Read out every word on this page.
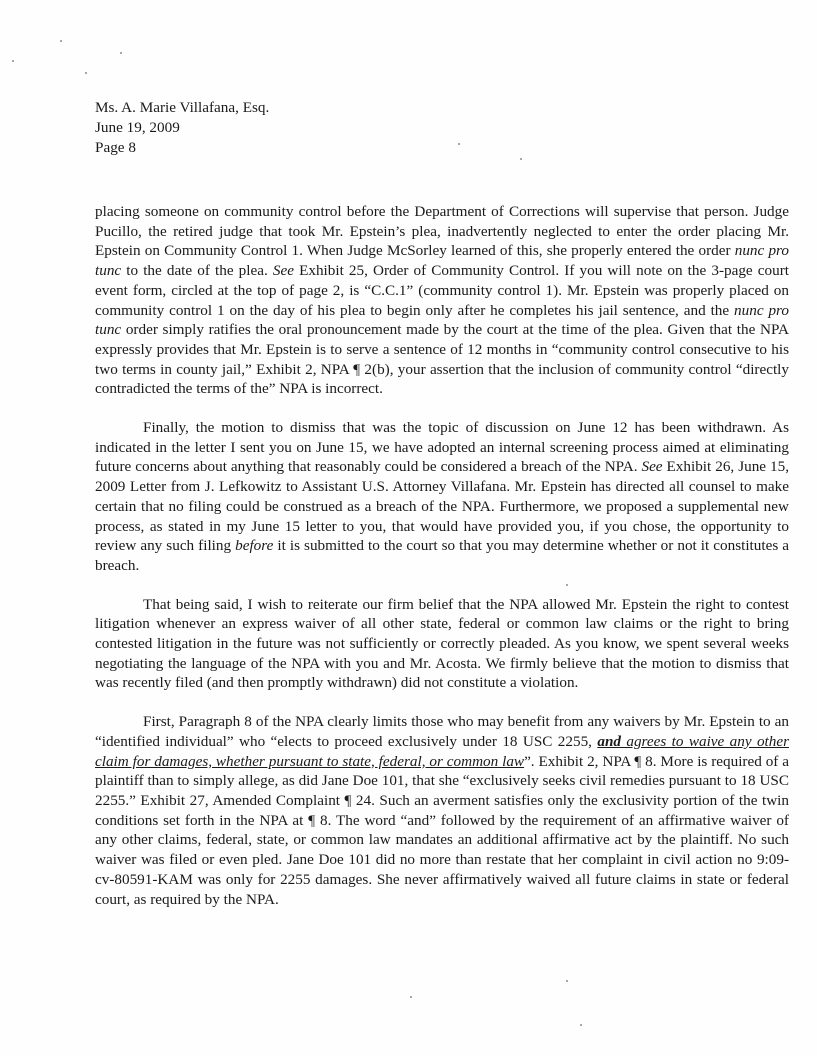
Ms. A. Marie Villafana, Esq.
June 19, 2009
Page 8

placing someone on community control before the Department of Corrections will supervise that person. Judge Pucillo, the retired judge that took Mr. Epstein’s plea, inadvertently neglected to enter the order placing Mr. Epstein on Community Control 1. When Judge McSorley learned of this, she properly entered the order nunc pro tunc to the date of the plea. See Exhibit 25, Order of Community Control. If you will note on the 3-page court event form, circled at the top of page 2, is “C.C.1” (community control 1). Mr. Epstein was properly placed on community control 1 on the day of his plea to begin only after he completes his jail sentence, and the nunc pro tunc order simply ratifies the oral pronouncement made by the court at the time of the plea. Given that the NPA expressly provides that Mr. Epstein is to serve a sentence of 12 months in “community control consecutive to his two terms in county jail,” Exhibit 2, NPA ¶ 2(b), your assertion that the inclusion of community control “directly contradicted the terms of the” NPA is incorrect.

Finally, the motion to dismiss that was the topic of discussion on June 12 has been withdrawn. As indicated in the letter I sent you on June 15, we have adopted an internal screening process aimed at eliminating future concerns about anything that reasonably could be considered a breach of the NPA. See Exhibit 26, June 15, 2009 Letter from J. Lefkowitz to Assistant U.S. Attorney Villafana. Mr. Epstein has directed all counsel to make certain that no filing could be construed as a breach of the NPA. Furthermore, we proposed a supplemental new process, as stated in my June 15 letter to you, that would have provided you, if you chose, the opportunity to review any such filing before it is submitted to the court so that you may determine whether or not it constitutes a breach.

That being said, I wish to reiterate our firm belief that the NPA allowed Mr. Epstein the right to contest litigation whenever an express waiver of all other state, federal or common law claims or the right to bring contested litigation in the future was not sufficiently or correctly pleaded. As you know, we spent several weeks negotiating the language of the NPA with you and Mr. Acosta. We firmly believe that the motion to dismiss that was recently filed (and then promptly withdrawn) did not constitute a violation.

First, Paragraph 8 of the NPA clearly limits those who may benefit from any waivers by Mr. Epstein to an “identified individual” who “elects to proceed exclusively under 18 USC 2255, and agrees to waive any other claim for damages, whether pursuant to state, federal, or common law”. Exhibit 2, NPA ¶ 8. More is required of a plaintiff than to simply allege, as did Jane Doe 101, that she “exclusively seeks civil remedies pursuant to 18 USC 2255.” Exhibit 27, Amended Complaint ¶ 24. Such an averment satisfies only the exclusivity portion of the twin conditions set forth in the NPA at ¶ 8. The word “and” followed by the requirement of an affirmative waiver of any other claims, federal, state, or common law mandates an additional affirmative act by the plaintiff. No such waiver was filed or even pled. Jane Doe 101 did no more than restate that her complaint in civil action no 9:09-cv-80591-KAM was only for 2255 damages. She never affirmatively waived all future claims in state or federal court, as required by the NPA.
